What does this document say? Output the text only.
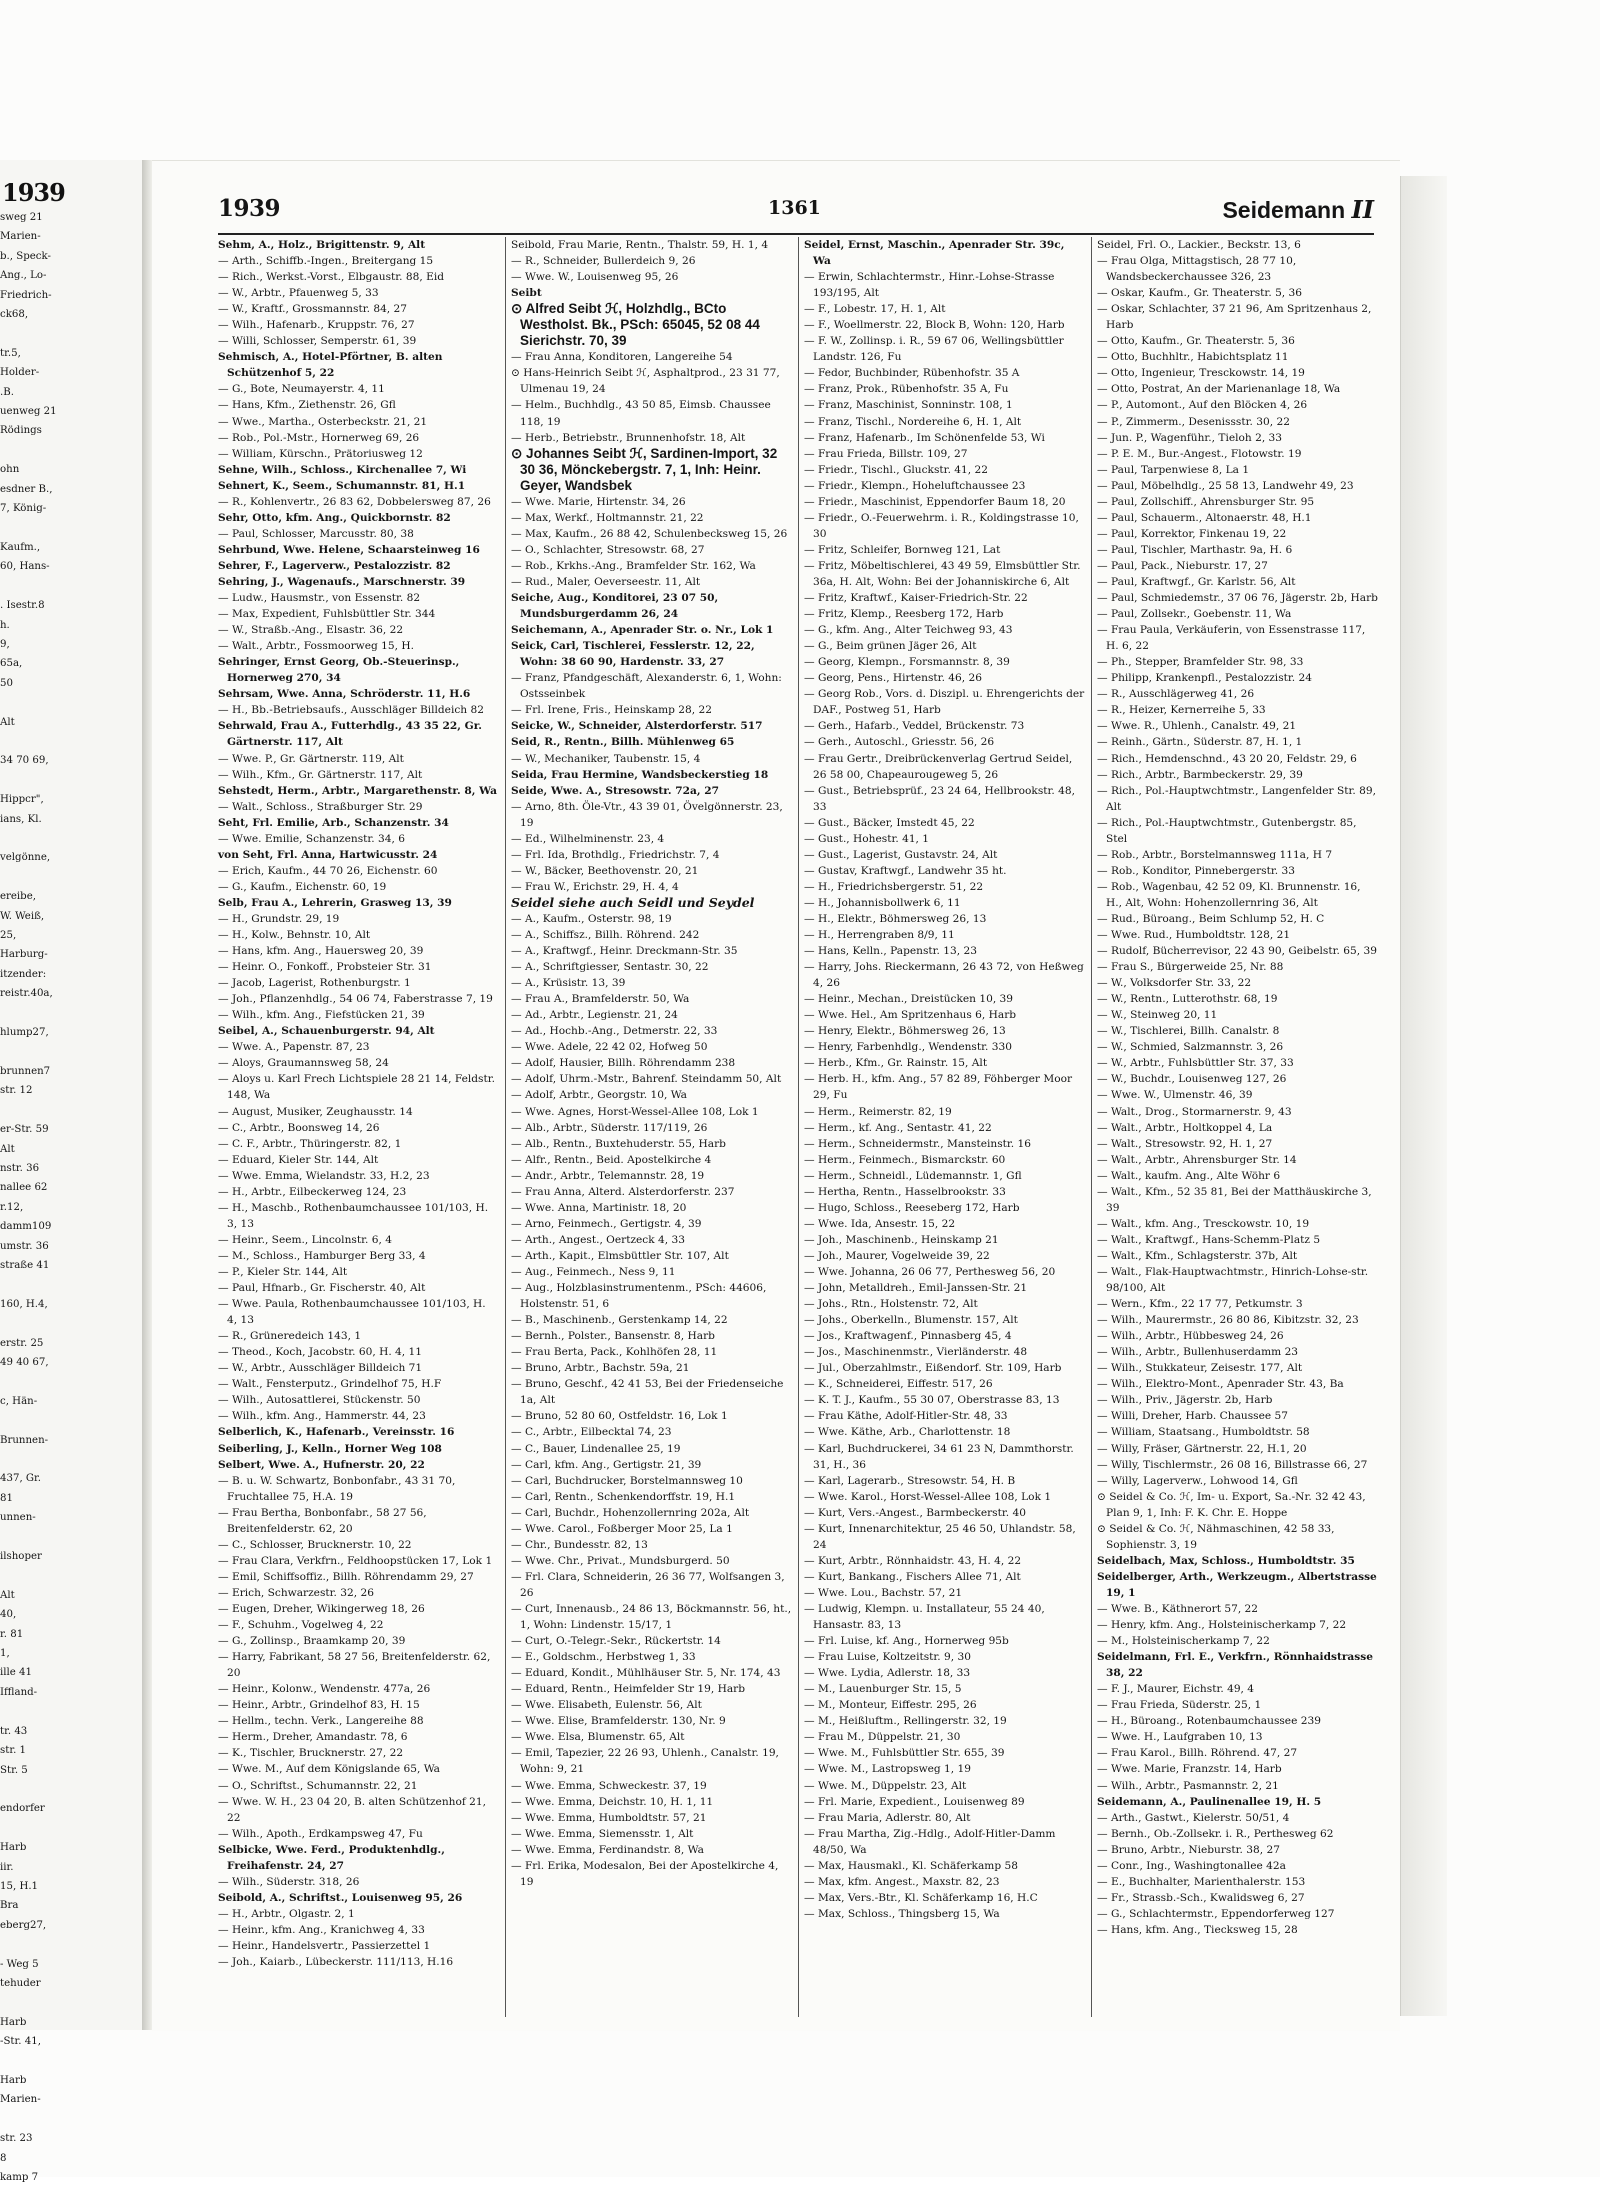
1939
sweg 21
Marien-
b., Speck-
Ang., Lo-
Friedrich-
ck68,

tr.5,
Holder-
.B.
uenweg 21
Rödings

ohn
esdner B.,
7, König-

Kaufm.,
60, Hans-

. Isestr.8
h.
9,
65a,
50

Alt

34 70 69,

Hippcr",
ians, Kl.

velgönne,

ereibe,
W. Weiß,
25,
Harburg-
itzender:
reistr.40a,

hlump27,

brunnen7
str. 12

er-Str. 59
Alt
nstr. 36
nallee 62
r.12,
damm109
umstr. 36
straße 41

160, H.4,

erstr. 25
49 40 67,

c, Hän-

Brunnen-

437, Gr.
81
unnen-

ilshoper

Alt
40,
r. 81
1,
ille 41
Iffland-

tr. 43
str. 1
Str. 5

endorfer

Harb
iir.
15, H.1
Bra
eberg27,

- Weg 5
tehuder

Harb
-Str. 41,

Harb
Marien-

str. 23
8
kamp 7
1939	1361	Seidemann II

Sehm, A., Holz., Brigittenstr. 9, Alt

— Arth., Schiffb.-Ingen., Breitergang 15

— Rich., Werkst.-Vorst., Elbgaustr. 88, Eid

— W., Arbtr., Pfauenweg 5, 33

— W., Kraftf., Grossmannstr. 84, 27

— Wilh., Hafenarb., Kruppstr. 76, 27

— Willi, Schlosser, Semperstr. 61, 39

Sehmisch, A., Hotel-Pförtner, B. alten Schützenhof 5, 22

— G., Bote, Neumayerstr. 4, 11

— Hans, Kfm., Ziethenstr. 26, Gfl

— Wwe., Martha., Osterbeckstr. 21, 21

— Rob., Pol.-Mstr., Hornerweg 69, 26

— William, Kürschn., Prätoriusweg 12

Sehne, Wilh., Schloss., Kirchenallee 7, Wi

Sehnert, K., Seem., Schumannstr. 81, H.1

— R., Kohlenvertr., 26 83 62, Dobbelersweg 87, 26

Sehr, Otto, kfm. Ang., Quickbornstr. 82

— Paul, Schlosser, Marcusstr. 80, 38

Sehrbund, Wwe. Helene, Schaarsteinweg 16

Sehrer, F., Lagerverw., Pestalozzistr. 82

Sehring, J., Wagenaufs., Marschnerstr. 39

— Ludw., Hausmstr., von Essenstr. 82

— Max, Expedient, Fuhlsbüttler Str. 344

— W., Straßb.-Ang., Elsastr. 36, 22

— Walt., Arbtr., Fossmoorweg 15, H.

Sehringer, Ernst Georg, Ob.-Steuerinsp., Hornerweg 270, 34

Sehrsam, Wwe. Anna, Schröderstr. 11, H.6

— H., Bb.-Betriebsaufs., Ausschläger Billdeich 82

Sehrwald, Frau A., Futterhdlg., 43 35 22, Gr. Gärtnerstr. 117, Alt

— Wwe. P., Gr. Gärtnerstr. 119, Alt

— Wilh., Kfm., Gr. Gärtnerstr. 117, Alt

Sehstedt, Herm., Arbtr., Margarethenstr. 8, Wa

— Walt., Schloss., Straßburger Str. 29

Seht, Frl. Emilie, Arb., Schanzenstr. 34

— Wwe. Emilie, Schanzenstr. 34, 6

von Seht, Frl. Anna, Hartwicusstr. 24

— Erich, Kaufm., 44 70 26, Eichenstr. 60

— G., Kaufm., Eichenstr. 60, 19

Selb, Frau A., Lehrerin, Grasweg 13, 39

— H., Grundstr. 29, 19

— H., Kolw., Behnstr. 10, Alt

— Hans, kfm. Ang., Hauersweg 20, 39

— Heinr. O., Fonkoff., Probsteier Str. 31

— Jacob, Lagerist, Rothenburgstr. 1

— Joh., Pflanzenhdlg., 54 06 74, Faberstrasse 7, 19

— Wilh., kfm. Ang., Fiefstücken 21, 39

Seibel, A., Schauenburgerstr. 94, Alt

— Wwe. A., Papenstr. 87, 23

— Aloys, Graumannsweg 58, 24

— Aloys u. Karl Frech Lichtspiele 28 21 14, Feldstr. 148, Wa

— August, Musiker, Zeughausstr. 14

— C., Arbtr., Boonsweg 14, 26

— C. F., Arbtr., Thüringerstr. 82, 1

— Eduard, Kieler Str. 144, Alt

— Wwe. Emma, Wielandstr. 33, H.2, 23

— H., Arbtr., Eilbeckerweg 124, 23

— H., Maschb., Rothenbaumchaussee 101/103, H. 3, 13

— Heinr., Seem., Lincolnstr. 6, 4

— M., Schloss., Hamburger Berg 33, 4

— P., Kieler Str. 144, Alt

— Paul, Hfnarb., Gr. Fischerstr. 40, Alt

— Wwe. Paula, Rothenbaumchaussee 101/103, H. 4, 13

— R., Grüneredeich 143, 1

— Theod., Koch, Jacobstr. 60, H. 4, 11

— W., Arbtr., Ausschläger Billdeich 71

— Walt., Fensterputz., Grindelhof 75, H.F

— Wilh., Autosattlerei, Stückenstr. 50

— Wilh., kfm. Ang., Hammerstr. 44, 23

Selberlich, K., Hafenarb., Vereinsstr. 16

Seiberling, J., Kelln., Horner Weg 108

Selbert, Wwe. A., Hufnerstr. 20, 22

— B. u. W. Schwartz, Bonbonfabr., 43 31 70, Fruchtallee 75, H.A. 19

— Frau Bertha, Bonbonfabr., 58 27 56, Breitenfelderstr. 62, 20

— C., Schlosser, Brucknerstr. 10, 22

— Frau Clara, Verkfrn., Feldhoopstücken 17, Lok 1

— Emil, Schiffsoffiz., Billh. Röhrendamm 29, 27

— Erich, Schwarzestr. 32, 26

— Eugen, Dreher, Wikingerweg 18, 26

— F., Schuhm., Vogelweg 4, 22

— G., Zollinsp., Braamkamp 20, 39

— Harry, Fabrikant, 58 27 56, Breitenfelderstr. 62, 20

— Heinr., Kolonw., Wendenstr. 477a, 26

— Heinr., Arbtr., Grindelhof 83, H. 15

— Hellm., techn. Verk., Langereihe 88

— Herm., Dreher, Amandastr. 78, 6

— K., Tischler, Brucknerstr. 27, 22

— Wwe. M., Auf dem Königslande 65, Wa

— O., Schriftst., Schumannstr. 22, 21

— Wwe. W. H., 23 04 20, B. alten Schützenhof 21, 22

— Wilh., Apoth., Erdkampsweg 47, Fu

Selbicke, Wwe. Ferd., Produktenhdlg., Freihafenstr. 24, 27

— Wilh., Süderstr. 318, 26

Seibold, A., Schriftst., Louisenweg 95, 26

— H., Arbtr., Olgastr. 2, 1

— Heinr., kfm. Ang., Kranichweg 4, 33

— Heinr., Handelsvertr., Passierzettel 1

— Joh., Kaiarb., Lübeckerstr. 111/113, H.16

Seibold, Frau Marie, Rentn., Thalstr. 59, H. 1, 4

— R., Schneider, Bullerdeich 9, 26

— Wwe. W., Louisenweg 95, 26

Seibt

⊙ Alfred Seibt ℋ, Holzhdlg., BCto Westholst. Bk., PSch: 65045, 52 08 44 Sierichstr. 70, 39

— Frau Anna, Konditoren, Langereihe 54

⊙ Hans-Heinrich Seibt ℋ, Asphaltprod., 23 31 77, Ulmenau 19, 24

— Helm., Buchhdlg., 43 50 85, Eimsb. Chaussee 118, 19

— Herb., Betriebstr., Brunnenhofstr. 18, Alt

⊙ Johannes Seibt ℋ, Sardinen-Import, 32 30 36, Mönckebergstr. 7, 1, Inh: Heinr. Geyer, Wandsbek

— Wwe. Marie, Hirtenstr. 34, 26

— Max, Werkf., Holtmannstr. 21, 22

— Max, Kaufm., 26 88 42, Schulenbecksweg 15, 26

— O., Schlachter, Stresowstr. 68, 27

— Rob., Krkhs.-Ang., Bramfelder Str. 162, Wa

— Rud., Maler, Oeverseestr. 11, Alt

Seiche, Aug., Konditorei, 23 07 50, Mundsburgerdamm 26, 24

Seichemann, A., Apenrader Str. o. Nr., Lok 1

Seick, Carl, Tischlerei, Fesslerstr. 12, 22, Wohn: 38 60 90, Hardenstr. 33, 27

— Franz, Pfandgeschäft, Alexanderstr. 6, 1, Wohn: Ostsseinbek

— Frl. Irene, Fris., Heinskamp 28, 22

Seicke, W., Schneider, Alsterdorferstr. 517

Seid, R., Rentn., Billh. Mühlenweg 65

— W., Mechaniker, Taubenstr. 15, 4

Seida, Frau Hermine, Wandsbeckerstieg 18

Seide, Wwe. A., Stresowstr. 72a, 27

— Arno, 8th. Öle-Vtr., 43 39 01, Övelgönnerstr. 23, 19

— Ed., Wilhelminenstr. 23, 4

— Frl. Ida, Brothdlg., Friedrichstr. 7, 4

— W., Bäcker, Beethovenstr. 20, 21

— Frau W., Erichstr. 29, H. 4, 4

Seidel siehe auch Seidl und Seydel

— A., Kaufm., Osterstr. 98, 19

— A., Schiffsz., Billh. Röhrend. 242

— A., Kraftwgf., Heinr. Dreckmann-Str. 35

— A., Schriftgiesser, Sentastr. 30, 22

— A., Krüsistr. 13, 39

— Frau A., Bramfelderstr. 50, Wa

— Ad., Arbtr., Legienstr. 21, 24

— Ad., Hochb.-Ang., Detmerstr. 22, 33

— Wwe. Adele, 22 42 02, Hofweg 50

— Adolf, Hausier, Billh. Röhrendamm 238

— Adolf, Uhrm.-Mstr., Bahrenf. Steindamm 50, Alt

— Adolf, Arbtr., Georgstr. 10, Wa

— Wwe. Agnes, Horst-Wessel-Allee 108, Lok 1

— Alb., Arbtr., Süderstr. 117/119, 26

— Alb., Rentn., Buxtehuderstr. 55, Harb

— Alfr., Rentn., Beid. Apostelkirche 4

— Andr., Arbtr., Telemannstr. 28, 19

— Frau Anna, Alterd. Alsterdorferstr. 237

— Wwe. Anna, Martinistr. 18, 20

— Arno, Feinmech., Gertigstr. 4, 39

— Arth., Angest., Oertzeck 4, 33

— Arth., Kapit., Elmsbüttler Str. 107, Alt

— Aug., Feinmech., Ness 9, 11

— Aug., Holzblasinstrumentenm., PSch: 44606, Holstenstr. 51, 6

— B., Maschinenb., Gerstenkamp 14, 22

— Bernh., Polster., Bansenstr. 8, Harb

— Frau Berta, Pack., Kohlhöfen 28, 11

— Bruno, Arbtr., Bachstr. 59a, 21

— Bruno, Geschf., 42 41 53, Bei der Friedenseiche 1a, Alt

— Bruno, 52 80 60, Ostfeldstr. 16, Lok 1

— C., Arbtr., Eilbecktal 74, 23

— C., Bauer, Lindenallee 25, 19

— Carl, kfm. Ang., Gertigstr. 21, 39

— Carl, Buchdrucker, Borstelmannsweg 10

— Carl, Rentn., Schenkendorffstr. 19, H.1

— Carl, Buchdr., Hohenzollernring 202a, Alt

— Wwe. Carol., Foßberger Moor 25, La 1

— Chr., Bundesstr. 82, 13

— Wwe. Chr., Privat., Mundsburgerd. 50

— Frl. Clara, Schneiderin, 26 36 77, Wolfsangen 3, 26

— Curt, Innenausb., 24 86 13, Böckmannstr. 56, ht., 1, Wohn: Lindenstr. 15/17, 1

— Curt, O.-Telegr.-Sekr., Rückertstr. 14

— E., Goldschm., Herbstweg 1, 33

— Eduard, Kondit., Mühlhäuser Str. 5, Nr. 174, 43

— Eduard, Rentn., Heimfelder Str 19, Harb

— Wwe. Elisabeth, Eulenstr. 56, Alt

— Wwe. Elise, Bramfelderstr. 130, Nr. 9

— Wwe. Elsa, Blumenstr. 65, Alt

— Emil, Tapezier, 22 26 93, Uhlenh., Canalstr. 19, Wohn: 9, 21

— Wwe. Emma, Schweckestr. 37, 19

— Wwe. Emma, Deichstr. 10, H. 1, 11

— Wwe. Emma, Humboldtstr. 57, 21

— Wwe. Emma, Siemensstr. 1, Alt

— Wwe. Emma, Ferdinandstr. 8, Wa

— Frl. Erika, Modesalon, Bei der Apostelkirche 4, 19

Seidel, Ernst, Maschin., Apenrader Str. 39c, Wa

— Erwin, Schlachtermstr., Hinr.-Lohse-Strasse 193/195, Alt

— F., Lobestr. 17, H. 1, Alt

— F., Woellmerstr. 22, Block B, Wohn: 120, Harb

— F. W., Zollinsp. i. R., 59 67 06, Wellingsbüttler Landstr. 126, Fu

— Fedor, Buchbinder, Rübenhofstr. 35 A

— Franz, Prok., Rübenhofstr. 35 A, Fu

— Franz, Maschinist, Sonninstr. 108, 1

— Franz, Tischl., Nordereihe 6, H. 1, Alt

— Franz, Hafenarb., Im Schönenfelde 53, Wi

— Frau Frieda, Billstr. 109, 27

— Friedr., Tischl., Gluckstr. 41, 22

— Friedr., Klempn., Hoheluftchaussee 23

— Friedr., Maschinist, Eppendorfer Baum 18, 20

— Friedr., O.-Feuerwehrm. i. R., Koldingstrasse 10, 30

— Fritz, Schleifer, Bornweg 121, Lat

— Fritz, Möbeltischlerei, 43 49 59, Elmsbüttler Str. 36a, H. Alt, Wohn: Bei der Johanniskirche 6, Alt

— Fritz, Kraftwf., Kaiser-Friedrich-Str. 22

— Fritz, Klemp., Reesberg 172, Harb

— G., kfm. Ang., Alter Teichweg 93, 43

— G., Beim grünen Jäger 26, Alt

— Georg, Klempn., Forsmannstr. 8, 39

— Georg, Pens., Hirtenstr. 46, 26

— Georg Rob., Vors. d. Diszipl. u. Ehrengerichts der DAF., Postweg 51, Harb

— Gerh., Hafarb., Veddel, Brückenstr. 73

— Gerh., Autoschl., Griesstr. 56, 26

— Frau Gertr., Dreibrückenverlag Gertrud Seidel, 26 58 00, Chapeaurougeweg 5, 26

— Gust., Betriebsprüf., 23 24 64, Hellbrookstr. 48, 33

— Gust., Bäcker, Imstedt 45, 22

— Gust., Hohestr. 41, 1

— Gust., Lagerist, Gustavstr. 24, Alt

— Gustav, Kraftwgf., Landwehr 35 ht.

— H., Friedrichsbergerstr. 51, 22

— H., Johannisbollwerk 6, 11

— H., Elektr., Böhmersweg 26, 13

— H., Herrengraben 8/9, 11

— Hans, Kelln., Papenstr. 13, 23

— Harry, Johs. Rieckermann, 26 43 72, von Heßweg 4, 26

— Heinr., Mechan., Dreistücken 10, 39

— Wwe. Hel., Am Spritzenhaus 6, Harb

— Henry, Elektr., Böhmersweg 26, 13

— Henry, Farbenhdlg., Wendenstr. 330

— Herb., Kfm., Gr. Rainstr. 15, Alt

— Herb. H., kfm. Ang., 57 82 89, Föhberger Moor 29, Fu

— Herm., Reimerstr. 82, 19

— Herm., kf. Ang., Sentastr. 41, 22

— Herm., Schneidermstr., Mansteinstr. 16

— Herm., Feinmech., Bismarckstr. 60

— Herm., Schneidl., Lüdemannstr. 1, Gfl

— Hertha, Rentn., Hasselbrookstr. 33

— Hugo, Schloss., Reeseberg 172, Harb

— Wwe. Ida, Ansestr. 15, 22

— Joh., Maschinenb., Heinskamp 21

— Joh., Maurer, Vogelweide 39, 22

— Wwe. Johanna, 26 06 77, Perthesweg 56, 20

— John, Metalldreh., Emil-Janssen-Str. 21

— Johs., Rtn., Holstenstr. 72, Alt

— Johs., Oberkelln., Blumenstr. 157, Alt

— Jos., Kraftwagenf., Pinnasberg 45, 4

— Jos., Maschinenmstr., Vierländerstr. 48

— Jul., Oberzahlmstr., Eißendorf. Str. 109, Harb

— K., Schneiderei, Eiffestr. 517, 26

— K. T. J., Kaufm., 55 30 07, Oberstrasse 83, 13

— Frau Käthe, Adolf-Hitler-Str. 48, 33

— Wwe. Käthe, Arb., Charlottenstr. 18

— Karl, Buchdruckerei, 34 61 23 N, Dammthorstr. 31, H., 36

— Karl, Lagerarb., Stresowstr. 54, H. B

— Wwe. Karol., Horst-Wessel-Allee 108, Lok 1

— Kurt, Vers.-Angest., Barmbeckerstr. 40

— Kurt, Innenarchitektur, 25 46 50, Uhlandstr. 58, 24

— Kurt, Arbtr., Rönnhaidstr. 43, H. 4, 22

— Kurt, Bankang., Fischers Allee 71, Alt

— Wwe. Lou., Bachstr. 57, 21

— Ludwig, Klempn. u. Installateur, 55 24 40, Hansastr. 83, 13

— Frl. Luise, kf. Ang., Hornerweg 95b

— Frau Luise, Koltzeitstr. 9, 30

— Wwe. Lydia, Adlerstr. 18, 33

— M., Lauenburger Str. 15, 5

— M., Monteur, Eiffestr. 295, 26

— M., Heißluftm., Rellingerstr. 32, 19

— Frau M., Düppelstr. 21, 30

— Wwe. M., Fuhlsbüttler Str. 655, 39

— Wwe. M., Lastropsweg 1, 19

— Wwe. M., Düppelstr. 23, Alt

— Frl. Marie, Expedient., Louisenweg 89

— Frau Maria, Adlerstr. 80, Alt

— Frau Martha, Zig.-Hdlg., Adolf-Hitler-Damm 48/50, Wa

— Max, Hausmakl., Kl. Schäferkamp 58

— Max, kfm. Angest., Maxstr. 82, 23

— Max, Vers.-Btr., Kl. Schäferkamp 16, H.C

— Max, Schloss., Thingsberg 15, Wa

Seidel, Frl. O., Lackier., Beckstr. 13, 6

— Frau Olga, Mittagstisch, 28 77 10, Wandsbeckerchaussee 326, 23

— Oskar, Kaufm., Gr. Theaterstr. 5, 36

— Oskar, Schlachter, 37 21 96, Am Spritzenhaus 2, Harb

— Otto, Kaufm., Gr. Theaterstr. 5, 36

— Otto, Buchhltr., Habichtsplatz 11

— Otto, Ingenieur, Tresckowstr. 14, 19

— Otto, Postrat, An der Marienanlage 18, Wa

— P., Automont., Auf den Blöcken 4, 26

— P., Zimmerm., Desenissstr. 30, 22

— Jun. P., Wagenführ., Tieloh 2, 33

— P. E. M., Bur.-Angest., Flotowstr. 19

— Paul, Tarpenwiese 8, La 1

— Paul, Möbelhdlg., 25 58 13, Landwehr 49, 23

— Paul, Zollschiff., Ahrensburger Str. 95

— Paul, Schauerm., Altonaerstr. 48, H.1

— Paul, Korrektor, Finkenau 19, 22

— Paul, Tischler, Marthastr. 9a, H. 6

— Paul, Pack., Nieburstr. 17, 27

— Paul, Kraftwgf., Gr. Karlstr. 56, Alt

— Paul, Schmiedemstr., 37 06 76, Jägerstr. 2b, Harb

— Paul, Zollsekr., Goebenstr. 11, Wa

— Frau Paula, Verkäuferin, von Essenstrasse 117, H. 6, 22

— Ph., Stepper, Bramfelder Str. 98, 33

— Philipp, Krankenpfl., Pestalozzistr. 24

— R., Ausschlägerweg 41, 26

— R., Heizer, Kernerreihe 5, 33

— Wwe. R., Uhlenh., Canalstr. 49, 21

— Reinh., Gärtn., Süderstr. 87, H. 1, 1

— Rich., Hemdenschnd., 43 20 20, Feldstr. 29, 6

— Rich., Arbtr., Barmbeckerstr. 29, 39

— Rich., Pol.-Hauptwchtmstr., Langenfelder Str. 89, Alt

— Rich., Pol.-Hauptwchtmstr., Gutenbergstr. 85, Stel

— Rob., Arbtr., Borstelmannsweg 111a, H 7

— Rob., Konditor, Pinnebergerstr. 33

— Rob., Wagenbau, 42 52 09, Kl. Brunnenstr. 16, H., Alt, Wohn: Hohenzollernring 36, Alt

— Rud., Büroang., Beim Schlump 52, H. C

— Wwe. Rud., Humboldtstr. 128, 21

— Rudolf, Bücherrevisor, 22 43 90, Geibelstr. 65, 39

— Frau S., Bürgerweide 25, Nr. 88

— W., Volksdorfer Str. 33, 22

— W., Rentn., Lutterothstr. 68, 19

— W., Steinweg 20, 11

— W., Tischlerei, Billh. Canalstr. 8

— W., Schmied, Salzmannstr. 3, 26

— W., Arbtr., Fuhlsbüttler Str. 37, 33

— W., Buchdr., Louisenweg 127, 26

— Wwe. W., Ulmenstr. 46, 39

— Walt., Drog., Stormarnerstr. 9, 43

— Walt., Arbtr., Holtkoppel 4, La

— Walt., Stresowstr. 92, H. 1, 27

— Walt., Arbtr., Ahrensburger Str. 14

— Walt., kaufm. Ang., Alte Wöhr 6

— Walt., Kfm., 52 35 81, Bei der Matthäuskirche 3, 39

— Walt., kfm. Ang., Tresckowstr. 10, 19

— Walt., Kraftwgf., Hans-Schemm-Platz 5

— Walt., Kfm., Schlagsterstr. 37b, Alt

— Walt., Flak-Hauptwachtmstr., Hinrich-Lohse-str. 98/100, Alt

— Wern., Kfm., 22 17 77, Petkumstr. 3

— Wilh., Maurermstr., 26 80 86, Kibitzstr. 32, 23

— Wilh., Arbtr., Hübbesweg 24, 26

— Wilh., Arbtr., Bullenhuserdamm 23

— Wilh., Stukkateur, Zeisestr. 177, Alt

— Wilh., Elektro-Mont., Apenrader Str. 43, Ba

— Wilh., Priv., Jägerstr. 2b, Harb

— Willi, Dreher, Harb. Chaussee 57

— William, Staatsang., Humboldtstr. 58

— Willy, Fräser, Gärtnerstr. 22, H.1, 20

— Willy, Tischlermstr., 26 08 16, Billstrasse 66, 27

— Willy, Lagerverw., Lohwood 14, Gfl

⊙ Seidel & Co. ℋ, Im- u. Export, Sa.-Nr. 32 42 43, Plan 9, 1, Inh: F. K. Chr. E. Hoppe

⊙ Seidel & Co. ℋ, Nähmaschinen, 42 58 33, Sophienstr. 3, 19

Seidelbach, Max, Schloss., Humboldtstr. 35

Seidelberger, Arth., Werkzeugm., Albertstrasse 19, 1

— Wwe. B., Käthnerort 57, 22

— Henry, kfm. Ang., Holsteinischerkamp 7, 22

— M., Holsteinischerkamp 7, 22

Seidelmann, Frl. E., Verkfrn., Rönnhaidstrasse 38, 22

— F. J., Maurer, Eichstr. 49, 4

— Frau Frieda, Süderstr. 25, 1

— H., Büroang., Rotenbaumchaussee 239

— Wwe. H., Laufgraben 10, 13

— Frau Karol., Billh. Röhrend. 47, 27

— Wwe. Marie, Franzstr. 14, Harb

— Wilh., Arbtr., Pasmannstr. 2, 21

Seidemann, A., Paulinenallee 19, H. 5

— Arth., Gastwt., Kielerstr. 50/51, 4

— Bernh., Ob.-Zollsekr. i. R., Perthesweg 62

— Bruno, Arbtr., Nieburstr. 38, 27

— Conr., Ing., Washingtonallee 42a

— E., Buchhalter, Marienthalerstr. 153

— Fr., Strassb.-Sch., Kwalidsweg 6, 27

— G., Schlachtermstr., Eppendorferweg 127

— Hans, kfm. Ang., Tiecksweg 15, 28
